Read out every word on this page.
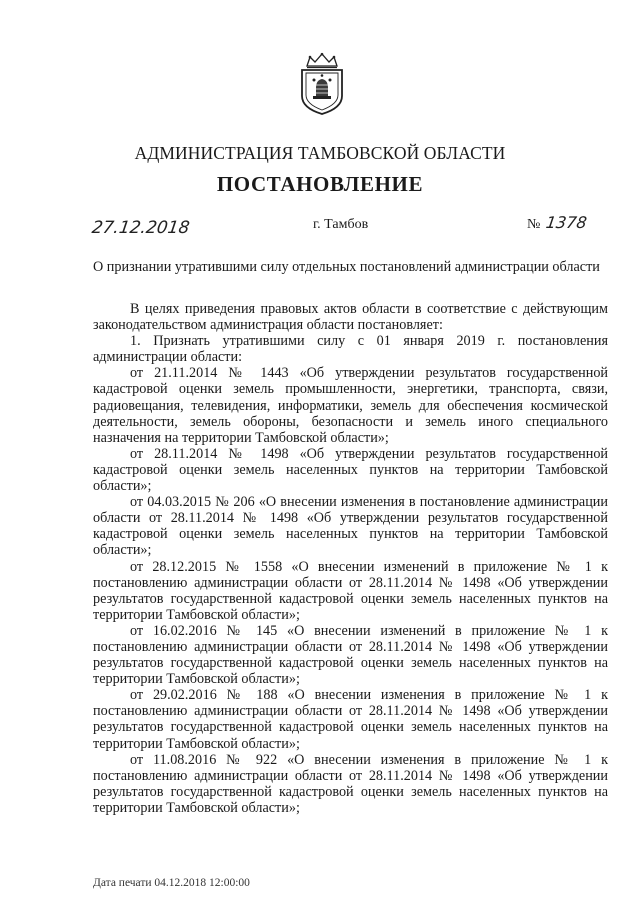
АДМИНИСТРАЦИЯ ТАМБОВСКОЙ ОБЛАСТИ
ПОСТАНОВЛЕНИЕ
27.12.2018	г. Тамбов	№ 1378
О признании утратившими силу отдельных постановлений администрации области

В целях приведения правовых актов области в соответствие с действующим законодательством администрация области постановляет:

1. Признать утратившими силу с 01 января 2019 г. постановления администрации области:

от 21.11.2014 № 1443 «Об утверждении результатов государственной кадастровой оценки земель промышленности, энергетики, транспорта, связи, радиовещания, телевидения, информатики, земель для обеспечения космической деятельности, земель обороны, безопасности и земель иного специального назначения на территории Тамбовской области»;

от 28.11.2014 № 1498 «Об утверждении результатов государственной кадастровой оценки земель населенных пунктов на территории Тамбовской области»;

от 04.03.2015 № 206 «О внесении изменения в постановление администрации области от 28.11.2014 № 1498 «Об утверждении результатов государственной кадастровой оценки земель населенных пунктов на территории Тамбовской области»;

от 28.12.2015 № 1558 «О внесении изменений в приложение № 1 к постановлению администрации области от 28.11.2014 № 1498 «Об утверждении результатов государственной кадастровой оценки земель населенных пунктов на территории Тамбовской области»;

от 16.02.2016 № 145 «О внесении изменений в приложение № 1 к постановлению администрации области от 28.11.2014 № 1498 «Об утверждении результатов государственной кадастровой оценки земель населенных пунктов на территории Тамбовской области»;

от 29.02.2016 № 188 «О внесении изменения в приложение № 1 к постановлению администрации области от 28.11.2014 № 1498 «Об утверждении результатов государственной кадастровой оценки земель населенных пунктов на территории Тамбовской области»;

от 11.08.2016 № 922 «О внесении изменения в приложение № 1 к постановлению администрации области от 28.11.2014 № 1498 «Об утверждении результатов государственной кадастровой оценки земель населенных пунктов на территории Тамбовской области»;

Дата печати 04.12.2018 12:00:00
